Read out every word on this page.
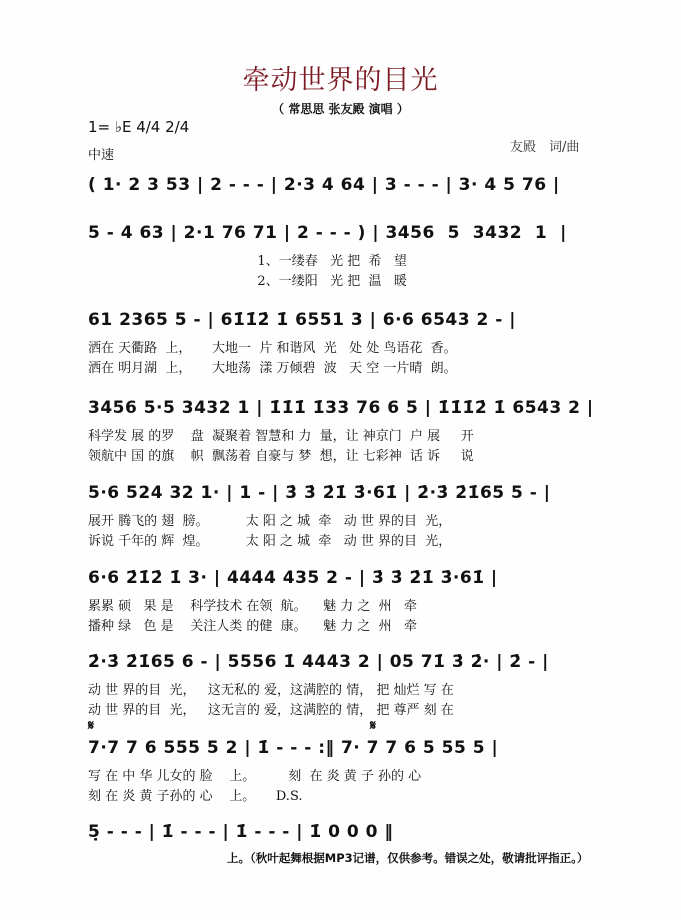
牵动世界的目光
（ 常思思 张友殿 演唱 ）
1= ♭E 4/4 2/4
中速
友殿　词/曲
( 1· 2 3 53 | 2 - - - | 2·3 4 64 | 3 - - - | 3· 4 5 76 |
5 - 4 63 | 2·1 76 71 | 2 - - - ) | 3456  5  3432  1  |
1、一缕春   光 把  希   望
2、一缕阳   光 把  温   暖
61 2365 5 - | 61̇1̇2̇ 1̇ 6551 3 | 6·6 6543 2 - |
洒在 天衢路  上，     大地一  片 和谐风  光   处 处 鸟语花  香。
洒在 明月湖  上，     大地荡  漾 万倾碧  波   天 空 一片晴  朗。
3456 5·5 3432 1 | 1̇1̇1̇ 1̇33 76 6 5 | 1̇1̇1̇2̇ 1̇ 6543 2 |
科学发 展 的罗    盘  凝聚着 智慧和 力  量，让 神京门  户 展     开
领航中 国 的旗    帜  飘荡着 自豪与 梦  想，让 七彩神  话 诉     说
5·6 524 32 1· | 1 - | 3̇ 3̇ 2̇1̇ 3̇·61̇ | 2̇·3̇ 2̇1̇65 5 - |
展开 腾飞的 翅  膀。         太 阳 之 城  牵   动 世 界的目  光，
诉说 千年的 辉  煌。         太 阳 之 城  牵   动 世 界的目  光，
6·6 2̇1̇2̇ 1̇ 3· | 4444 435 2 - | 3̇ 3̇ 2̇1̇ 3̇·61̇ |
累累 硕   果 是    科学技术 在领  航。    魅 力 之  州   牵
播种 绿   色 是    关注人类 的健  康。    魅 力 之  州   牵
2̇·3̇ 2̇1̇65 6 - | 5556 1̇ 4443 2 | 05 71̇ 3̇ 2̇· | 2̇ - |
动 世 界的目  光，   这无私的 爱，这满腔的 情， 把 灿烂 写 在
动 世 界的目  光，   这无言的 爱，这满腔的 情， 把 尊严 刻 在
𝄋	𝄋
7·7 7 6 555 5 2 | 1̇ - - - :‖ 7· 7 7 6 5 55 5 |
写 在 中 华 儿女的 脸    上。        刻  在 炎 黄 子 孙的 心
刻 在 炎 黄 子孙的 心    上。     D.S.
5̣ - - - | 1̇ - - - | 1̇ - - - | 1̇ 0 0 0 ‖
上。（秋叶起舞根据MP3记谱，仅供参考。错误之处，敬请批评指正。）
